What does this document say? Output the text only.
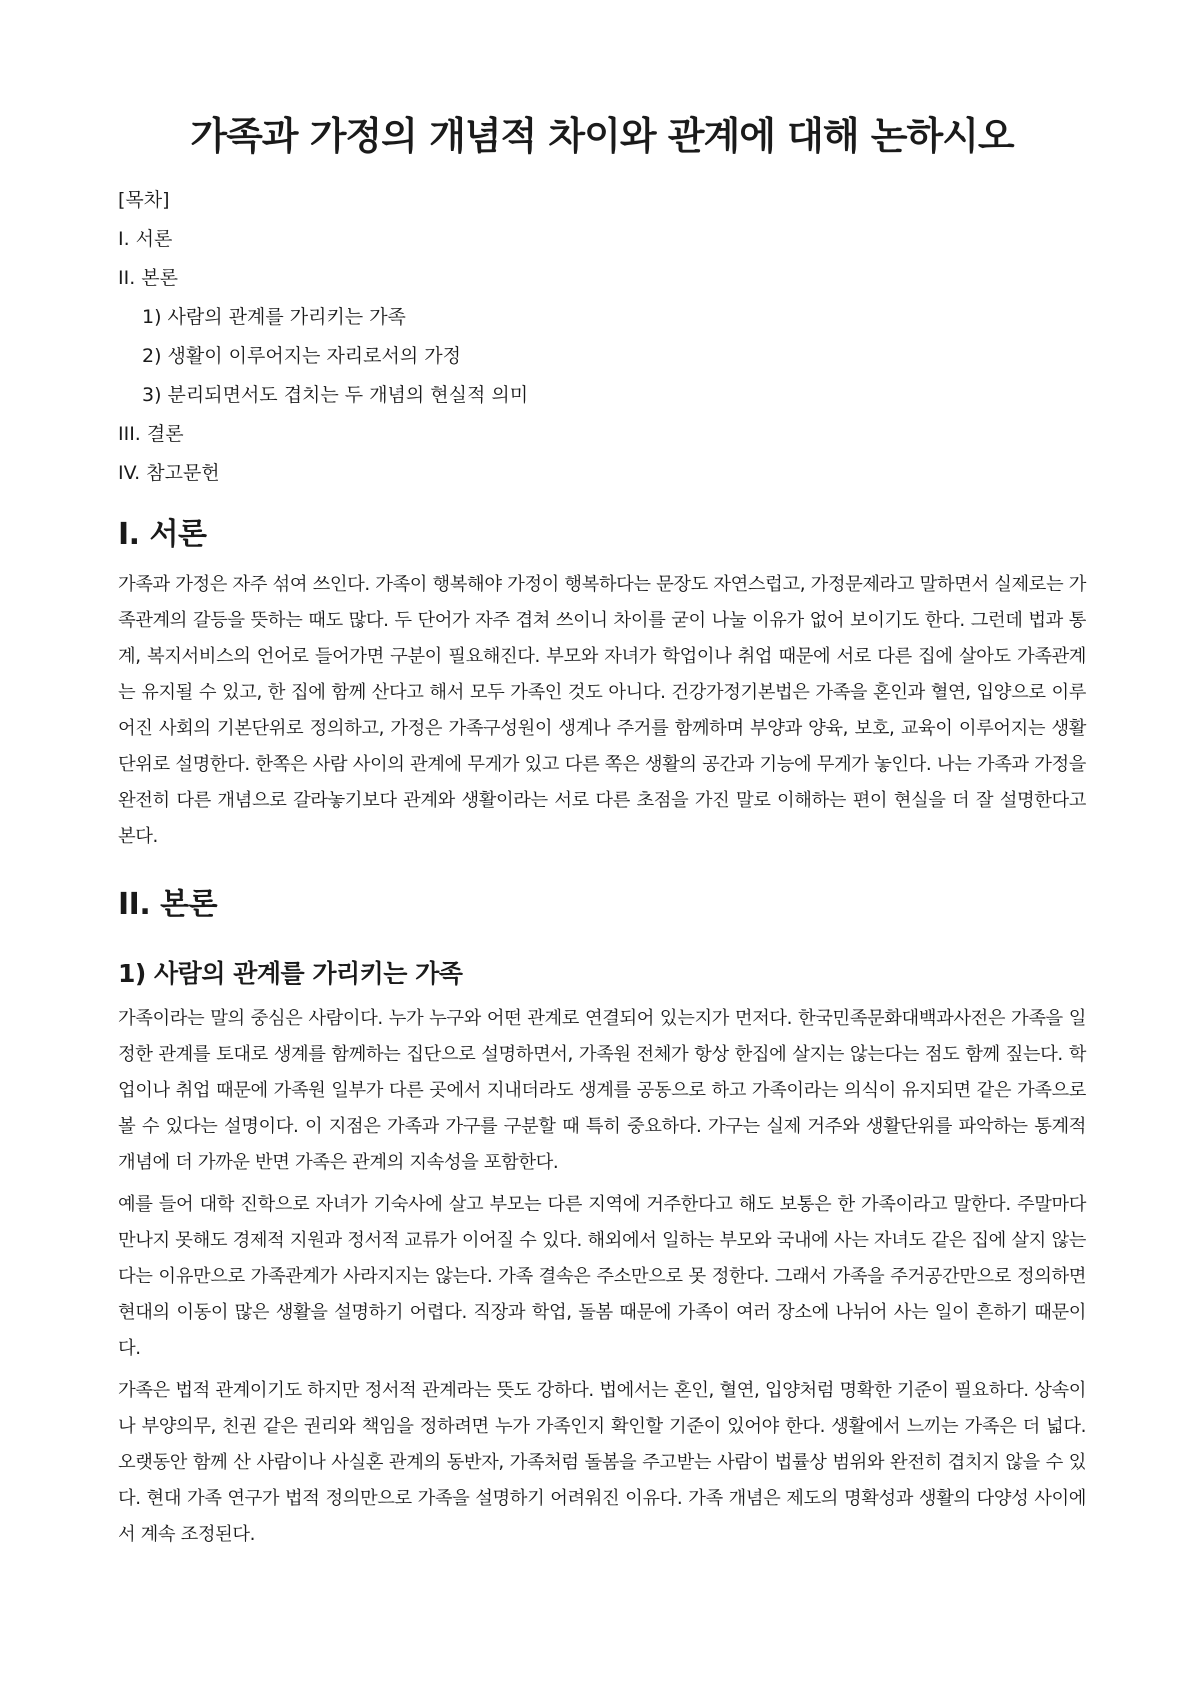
가족과 가정의 개념적 차이와 관계에 대해 논하시오
[목차]
I. 서론
II. 본론
1) 사람의 관계를 가리키는 가족
2) 생활이 이루어지는 자리로서의 가정
3) 분리되면서도 겹치는 두 개념의 현실적 의미
III. 결론
IV. 참고문헌
I. 서론

가족과 가정은 자주 섞여 쓰인다. 가족이 행복해야 가정이 행복하다는 문장도 자연스럽고, 가정문제라고 말하면서 실제로는 가족관계의 갈등을 뜻하는 때도 많다. 두 단어가 자주 겹쳐 쓰이니 차이를 굳이 나눌 이유가 없어 보이기도 한다. 그런데 법과 통계, 복지서비스의 언어로 들어가면 구분이 필요해진다. 부모와 자녀가 학업이나 취업 때문에 서로 다른 집에 살아도 가족관계는 유지될 수 있고, 한 집에 함께 산다고 해서 모두 가족인 것도 아니다. 건강가정기본법은 가족을 혼인과 혈연, 입양으로 이루어진 사회의 기본단위로 정의하고, 가정은 가족구성원이 생계나 주거를 함께하며 부양과 양육, 보호, 교육이 이루어지는 생활단위로 설명한다. 한쪽은 사람 사이의 관계에 무게가 있고 다른 쪽은 생활의 공간과 기능에 무게가 놓인다. 나는 가족과 가정을 완전히 다른 개념으로 갈라놓기보다 관계와 생활이라는 서로 다른 초점을 가진 말로 이해하는 편이 현실을 더 잘 설명한다고 본다.

II. 본론
1) 사람의 관계를 가리키는 가족

가족이라는 말의 중심은 사람이다. 누가 누구와 어떤 관계로 연결되어 있는지가 먼저다. 한국민족문화대백과사전은 가족을 일정한 관계를 토대로 생계를 함께하는 집단으로 설명하면서, 가족원 전체가 항상 한집에 살지는 않는다는 점도 함께 짚는다. 학업이나 취업 때문에 가족원 일부가 다른 곳에서 지내더라도 생계를 공동으로 하고 가족이라는 의식이 유지되면 같은 가족으로 볼 수 있다는 설명이다. 이 지점은 가족과 가구를 구분할 때 특히 중요하다. 가구는 실제 거주와 생활단위를 파악하는 통계적 개념에 더 가까운 반면 가족은 관계의 지속성을 포함한다.

예를 들어 대학 진학으로 자녀가 기숙사에 살고 부모는 다른 지역에 거주한다고 해도 보통은 한 가족이라고 말한다. 주말마다 만나지 못해도 경제적 지원과 정서적 교류가 이어질 수 있다. 해외에서 일하는 부모와 국내에 사는 자녀도 같은 집에 살지 않는다는 이유만으로 가족관계가 사라지지는 않는다. 가족 결속은 주소만으로 못 정한다. 그래서 가족을 주거공간만으로 정의하면 현대의 이동이 많은 생활을 설명하기 어렵다. 직장과 학업, 돌봄 때문에 가족이 여러 장소에 나뉘어 사는 일이 흔하기 때문이다.

가족은 법적 관계이기도 하지만 정서적 관계라는 뜻도 강하다. 법에서는 혼인, 혈연, 입양처럼 명확한 기준이 필요하다. 상속이나 부양의무, 친권 같은 권리와 책임을 정하려면 누가 가족인지 확인할 기준이 있어야 한다. 생활에서 느끼는 가족은 더 넓다. 오랫동안 함께 산 사람이나 사실혼 관계의 동반자, 가족처럼 돌봄을 주고받는 사람이 법률상 범위와 완전히 겹치지 않을 수 있다. 현대 가족 연구가 법적 정의만으로 가족을 설명하기 어려워진 이유다. 가족 개념은 제도의 명확성과 생활의 다양성 사이에서 계속 조정된다.
